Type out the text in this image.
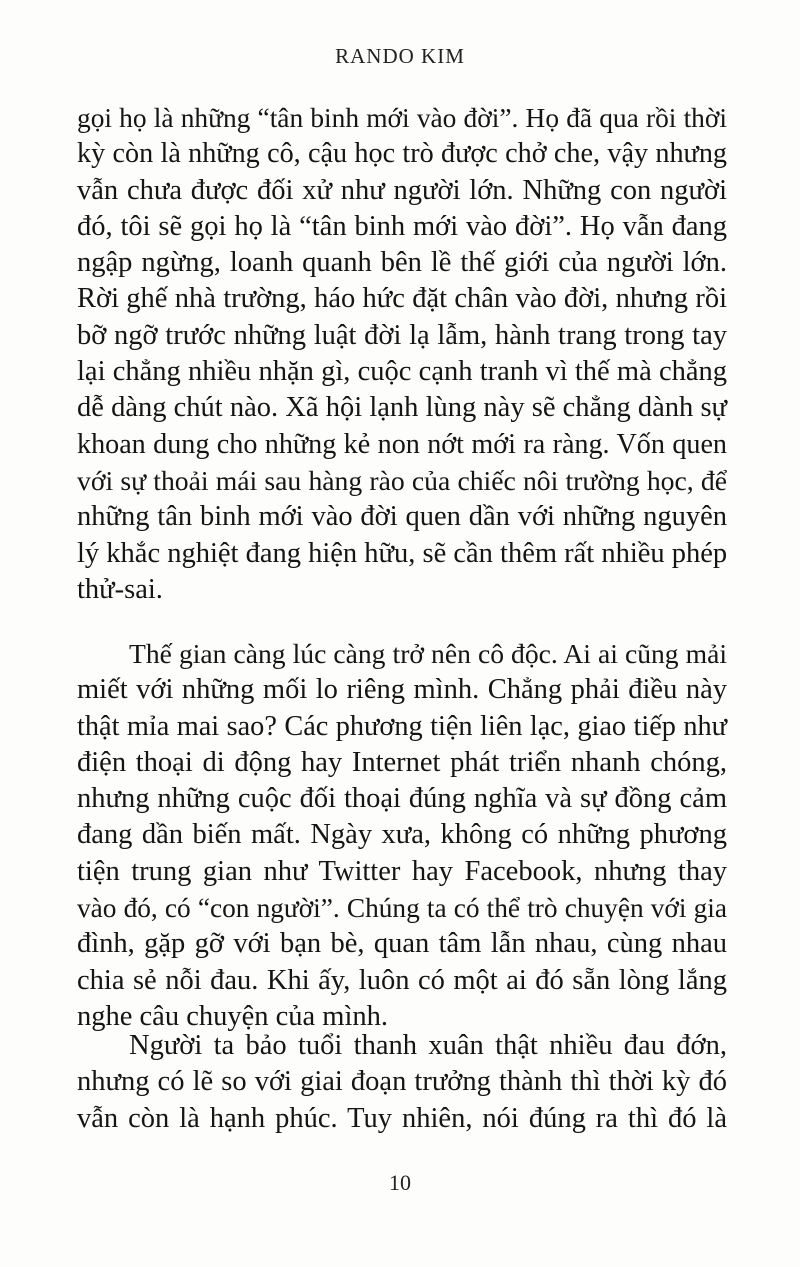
RANDO KIM
gọi họ là những “tân binh mới vào đời”. Họ đã qua rồi thời
kỳ còn là những cô, cậu học trò được chở che, vậy nhưng
vẫn chưa được đối xử như người lớn. Những con người
đó, tôi sẽ gọi họ là “tân binh mới vào đời”. Họ vẫn đang
ngập ngừng, loanh quanh bên lề thế giới của người lớn.
Rời ghế nhà trường, háo hức đặt chân vào đời, nhưng rồi
bỡ ngỡ trước những luật đời lạ lẫm, hành trang trong tay
lại chẳng nhiều nhặn gì, cuộc cạnh tranh vì thế mà chẳng
dễ dàng chút nào. Xã hội lạnh lùng này sẽ chẳng dành sự
khoan dung cho những kẻ non nớt mới ra ràng. Vốn quen
với sự thoải mái sau hàng rào của chiếc nôi trường học, để
những tân binh mới vào đời quen dần với những nguyên
lý khắc nghiệt đang hiện hữu, sẽ cần thêm rất nhiều phép
thử-sai.
Thế gian càng lúc càng trở nên cô độc. Ai ai cũng mải
miết với những mối lo riêng mình. Chẳng phải điều này
thật mỉa mai sao? Các phương tiện liên lạc, giao tiếp như
điện thoại di động hay Internet phát triển nhanh chóng,
nhưng những cuộc đối thoại đúng nghĩa và sự đồng cảm
đang dần biến mất. Ngày xưa, không có những phương
tiện trung gian như Twitter hay Facebook, nhưng thay
vào đó, có “con người”. Chúng ta có thể trò chuyện với gia
đình, gặp gỡ với bạn bè, quan tâm lẫn nhau, cùng nhau
chia sẻ nỗi đau. Khi ấy, luôn có một ai đó sẵn lòng lắng
nghe câu chuyện của mình.
Người ta bảo tuổi thanh xuân thật nhiều đau đớn,
nhưng có lẽ so với giai đoạn trưởng thành thì thời kỳ đó
vẫn còn là hạnh phúc. Tuy nhiên, nói đúng ra thì đó là
10
